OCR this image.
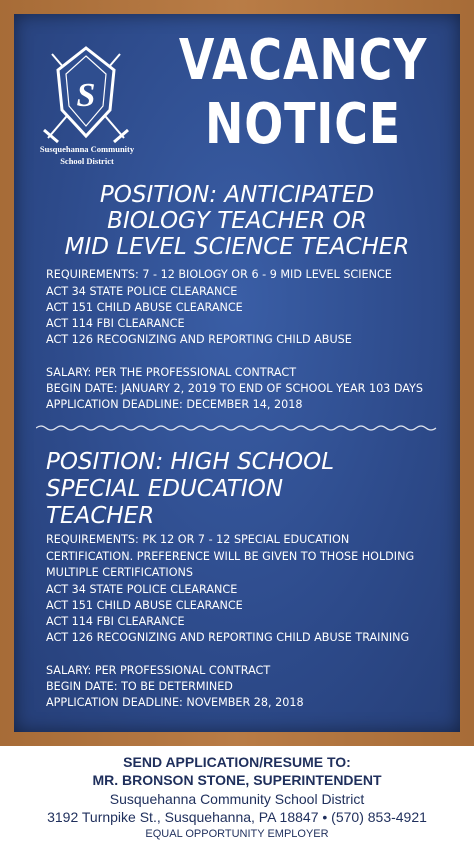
S
Susquehanna Community
School District
VACANCY
NOTICE
POSITION: ANTICIPATED
BIOLOGY TEACHER OR
MID LEVEL SCIENCE TEACHER
REQUIREMENTS: 7 - 12 BIOLOGY OR 6 - 9 MID LEVEL SCIENCE
ACT 34 STATE POLICE CLEARANCE
ACT 151 CHILD ABUSE CLEARANCE
ACT 114 FBI CLEARANCE
ACT 126 RECOGNIZING AND REPORTING CHILD ABUSE
SALARY: PER THE PROFESSIONAL CONTRACT
BEGIN DATE: JANUARY 2, 2019 TO END OF SCHOOL YEAR 103 DAYS
APPLICATION DEADLINE: DECEMBER 14, 2018
POSITION: HIGH SCHOOL
SPECIAL EDUCATION
TEACHER
REQUIREMENTS: PK 12 OR 7 - 12 SPECIAL EDUCATION
CERTIFICATION. PREFERENCE WILL BE GIVEN TO THOSE HOLDING
MULTIPLE CERTIFICATIONS
ACT 34 STATE POLICE CLEARANCE
ACT 151 CHILD ABUSE CLEARANCE
ACT 114 FBI CLEARANCE
ACT 126 RECOGNIZING AND REPORTING CHILD ABUSE TRAINING
SALARY: PER PROFESSIONAL CONTRACT
BEGIN DATE: TO BE DETERMINED
APPLICATION DEADLINE: NOVEMBER 28, 2018
SEND APPLICATION/RESUME TO:
MR. BRONSON STONE, SUPERINTENDENT
Susquehanna Community School District
3192 Turnpike St., Susquehanna, PA 18847 • (570) 853-4921
EQUAL OPPORTUNITY EMPLOYER
